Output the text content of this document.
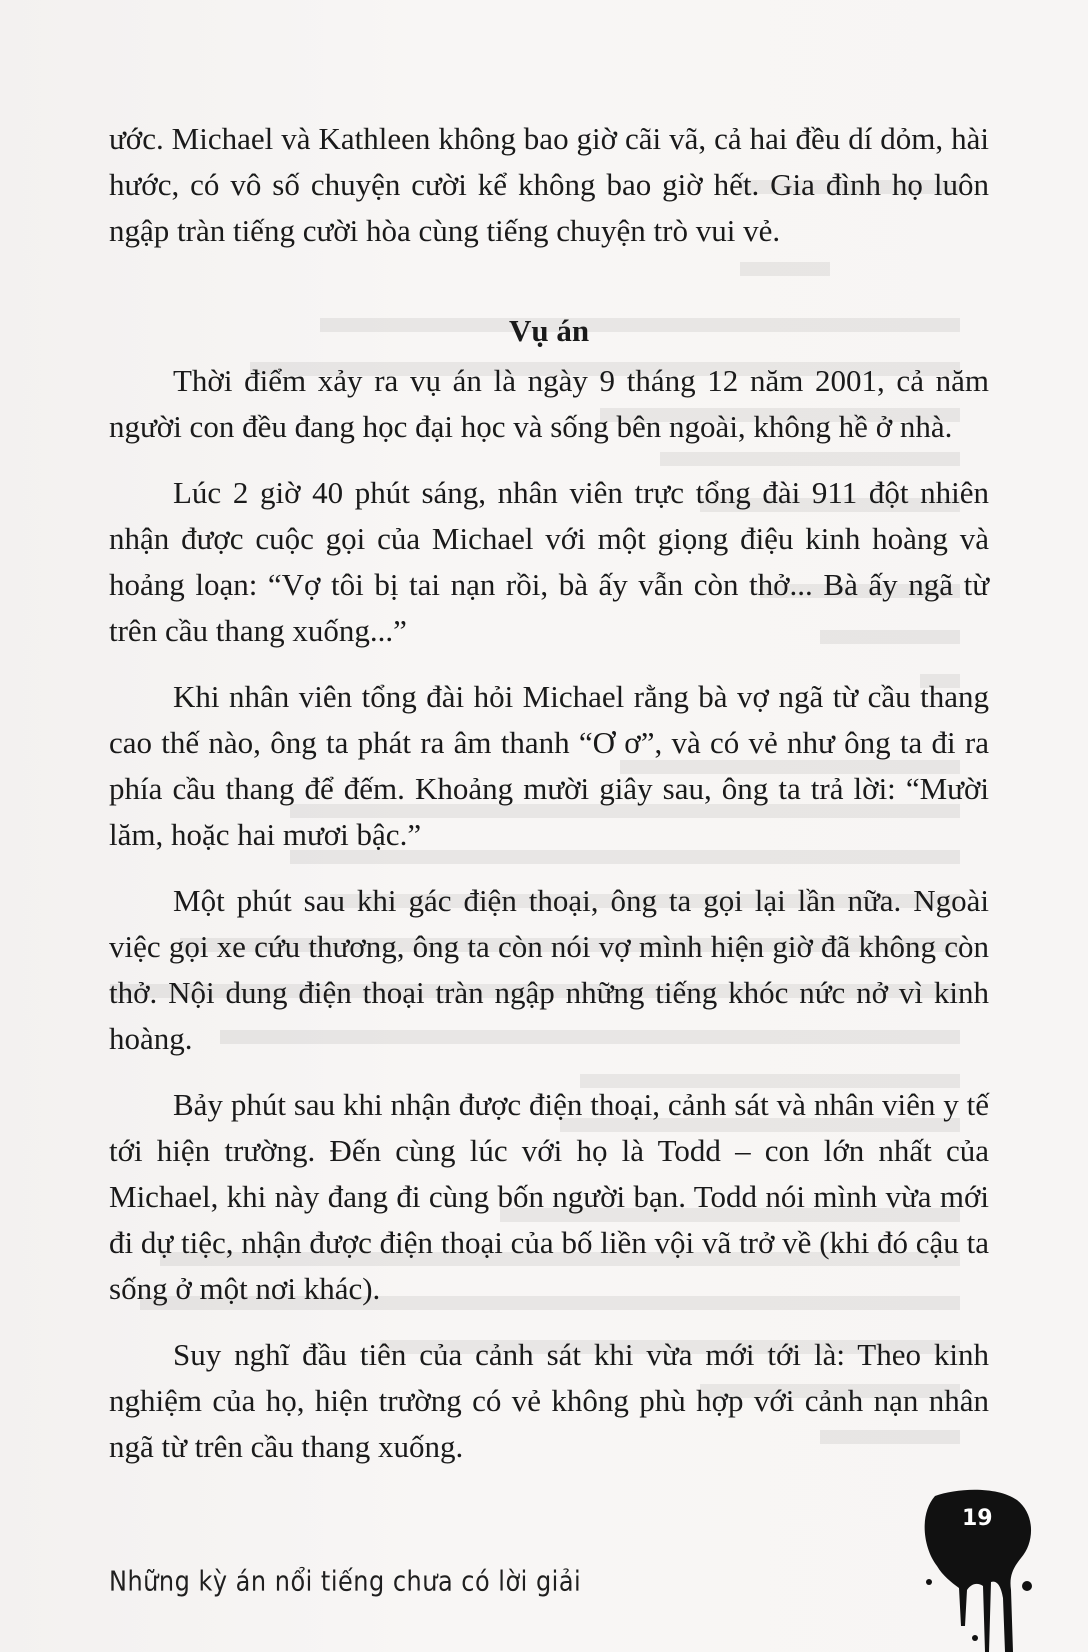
ước. Michael và Kathleen không bao giờ cãi vã, cả hai đều dí dỏm, hài hước, có vô số chuyện cười kể không bao giờ hết. Gia đình họ luôn ngập tràn tiếng cười hòa cùng tiếng chuyện trò vui vẻ.

Vụ án

Thời điểm xảy ra vụ án là ngày 9 tháng 12 năm 2001, cả năm người con đều đang học đại học và sống bên ngoài, không hề ở nhà.

Lúc 2 giờ 40 phút sáng, nhân viên trực tổng đài 911 đột nhiên nhận được cuộc gọi của Michael với một giọng điệu kinh hoàng và hoảng loạn: “Vợ tôi bị tai nạn rồi, bà ấy vẫn còn thở... Bà ấy ngã từ trên cầu thang xuống...”

Khi nhân viên tổng đài hỏi Michael rằng bà vợ ngã từ cầu thang cao thế nào, ông ta phát ra âm thanh “Ơ ơ”, và có vẻ như ông ta đi ra phía cầu thang để đếm. Khoảng mười giây sau, ông ta trả lời: “Mười lăm, hoặc hai mươi bậc.”

Một phút sau khi gác điện thoại, ông ta gọi lại lần nữa. Ngoài việc gọi xe cứu thương, ông ta còn nói vợ mình hiện giờ đã không còn thở. Nội dung điện thoại tràn ngập những tiếng khóc nức nở vì kinh hoàng.

Bảy phút sau khi nhận được điện thoại, cảnh sát và nhân viên y tế tới hiện trường. Đến cùng lúc với họ là Todd – con lớn nhất của Michael, khi này đang đi cùng bốn người bạn. Todd nói mình vừa mới đi dự tiệc, nhận được điện thoại của bố liền vội vã trở về (khi đó cậu ta sống ở một nơi khác).

Suy nghĩ đầu tiên của cảnh sát khi vừa mới tới là: Theo kinh nghiệm của họ, hiện trường có vẻ không phù hợp với cảnh nạn nhân ngã từ trên cầu thang xuống.

Những kỳ án nổi tiếng chưa có lời giải
19
